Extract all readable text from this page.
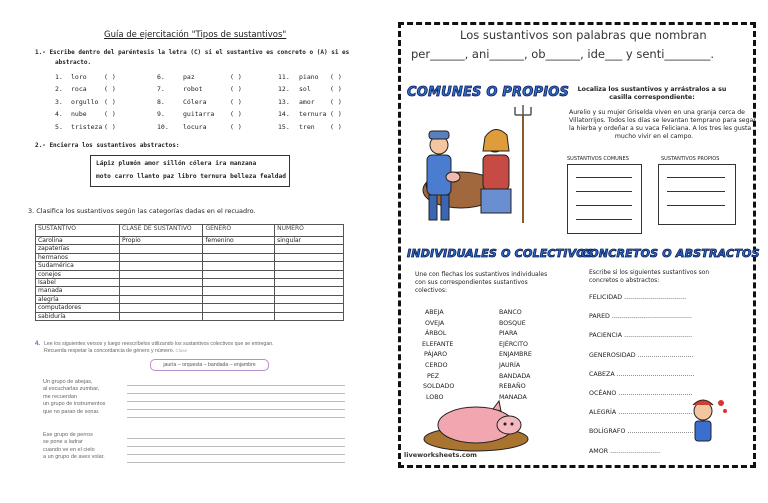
Guía de ejercitación "Tipos de sustantivos"
1.- Escribe dentro del paréntesis la letra (C) si el sustantivo es concreto o (A) si es
abstracto.
1. loro	( )
2. roca	( )
3. orgullo ( )
4. nube	( )
5. tristeza ( )
6.	paz	( )
7.	robot	( )
8.	Cólera	( )
9.	guitarra ( )
10. locura	( )
11. piano ( )
12. sol	( )
13. amor ( )
14. ternura ( )
15. tren ( )
2.- Encierra los sustantivos abstractos:
Lápiz plumón amor sillón cólera ira manzana
moto carro llanto paz libro ternura belleza fealdad
3. Clasifica los sustantivos según las categorías dadas en el recuadro.
SUSTANTIVO	CLASE DE SUSTANTIVO	GENERO	NUMERO
Carolina	Propio	femenino	singular
zapaterías			
hermanos			
Sudamérica			
conejos			
Isabel			
manada			
alegría			
computadores			
sabiduría			
4. Lee los siguientes versos y luego reescríbelos utilizando los sustantivos colectivos que se entregan.
Recuerda respetar la concordancia de género y número. Clase
jauría – orquesta – bandada – enjambre
Un grupo de abejas,
al escucharlas zumbar,
me recuerdan
un grupo de instrumentos
que no paran de sonar.
Ese grupo de perros
se pone a ladrar
cuando ve en el cielo
a un grupo de aves volar.
Los sustantivos son palabras que nombran
per______, ani______, ob______, ide___ y senti________.
COMUNES O PROPIOS	Localiza los sustantivos y arrástralos a su casilla correspondiente:
Aurelio y su mujer Griselda viven en una granja cerca de
Villatorrijos. Todos los días se levantan temprano para segar
la hierba y ordeñar a su vaca Feliciana. A los tres les gusta
mucho vivir en el campo.
SUSTANTIVOS COMUNES	SUSTANTIVOS PROPIOS
INDIVIDUALES O COLECTIVOS
Une con flechas los sustantivos individuales
con sus correspondientes sustantivos
colectivos:
ABEJA
OVEJA
ÁRBOL
ELEFANTE
PÁJARO
CERDO
PEZ
SOLDADO
LOBO
BANCO
BOSQUE
PIARA
EJÉRCITO
ENJAMBRE
JAURÍA
BANDADA
REBAÑO
MANADA
CONCRETOS O ABSTRACTOS
Escribe si los siguientes sustantivos son
concretos o abstractos:
FELICIDAD ...............................
PARED ........................................
PACIENCIA ..................................
GENEROSIDAD ............................
CABEZA .......................................
OCÉANO .....................................
ALEGRÍA .....................................
BOLÍGRAFO .................................
AMOR .........................
liveworksheets.com
